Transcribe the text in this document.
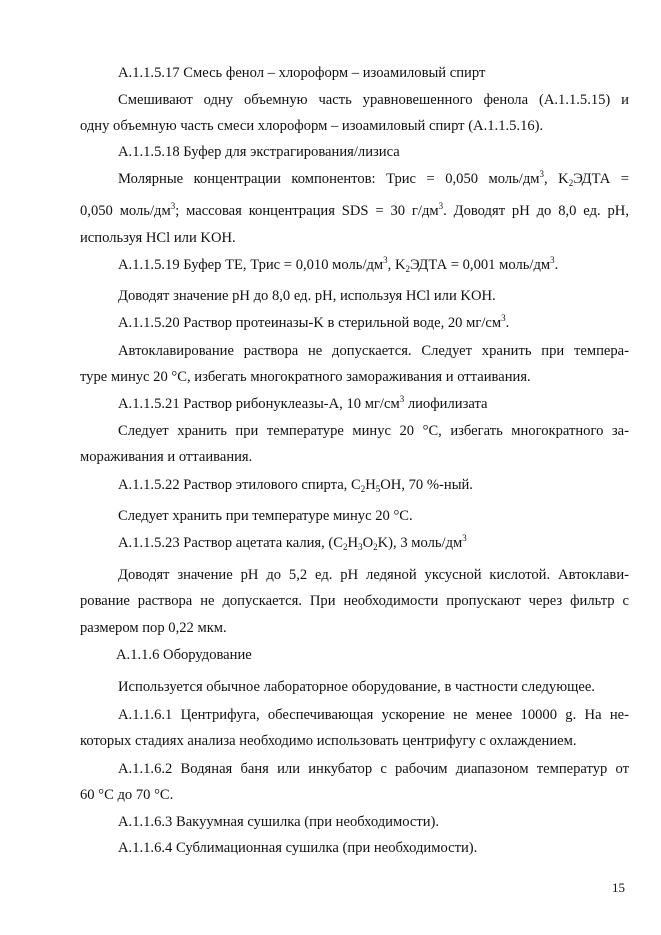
А.1.1.5.17 Смесь фенол – хлороформ – изоамиловый спирт

Смешивают одну объемную часть уравновешенного фенола (А.1.1.5.15) и

одну объемную часть смеси хлороформ – изоамиловый спирт (А.1.1.5.16).

А.1.1.5.18 Буфер для экстрагирования/лизиса

Молярные концентрации компонентов: Трис = 0,050 моль/$дм^3$, $K_2ЭДТА$ =

0,050 моль/$дм^3$; массовая концентрация SDS = 30 $г/дм^3$. Доводят рН до 8,0 ед. рН,

используя HCl или KOH.

А.1.1.5.19 Буфер ТЕ, Трис = 0,010 моль/$дм^3$, $K_2ЭДТА = 0,001$ моль/$дм^3$.

Доводят значение рН до 8,0 ед. рН, используя HCl или KOH.

А.1.1.5.20 Раствор протеиназы-K в стерильной воде, 20 $мг/см^3$.

Автоклавирование раствора не допускается. Следует хранить при темпера-

туре минус 20 °С, избегать многократного замораживания и оттаивания.

А.1.1.5.21 Раствор рибонуклеазы-А, 10 $мг/см^3$ лиофилизата

Следует хранить при температуре минус 20 °С, избегать многократного за-

мораживания и оттаивания.

А.1.1.5.22 Раствор этилового спирта, $C_2H_5OH$, 70 %-ный.

Следует хранить при температуре минус 20 °С.

А.1.1.5.23 Раствор ацетата калия, $(C_2H_3O_2K)$, 3 моль/$дм^3$

Доводят значение рН до 5,2 ед. рН ледяной уксусной кислотой. Автоклави-

рование раствора не допускается. При необходимости пропускают через фильтр с

размером пор 0,22 мкм.

А.1.1.6 Оборудование

Используется обычное лабораторное оборудование, в частности следующее.

А.1.1.6.1 Центрифуга, обеспечивающая ускорение не менее 10000 g. На не-

которых стадиях анализа необходимо использовать центрифугу с охлаждением.

А.1.1.6.2 Водяная баня или инкубатор с рабочим диапазоном температур от

60 °С до 70 °С.

А.1.1.6.3 Вакуумная сушилка (при необходимости).

А.1.1.6.4 Сублимационная сушилка (при необходимости).

15
